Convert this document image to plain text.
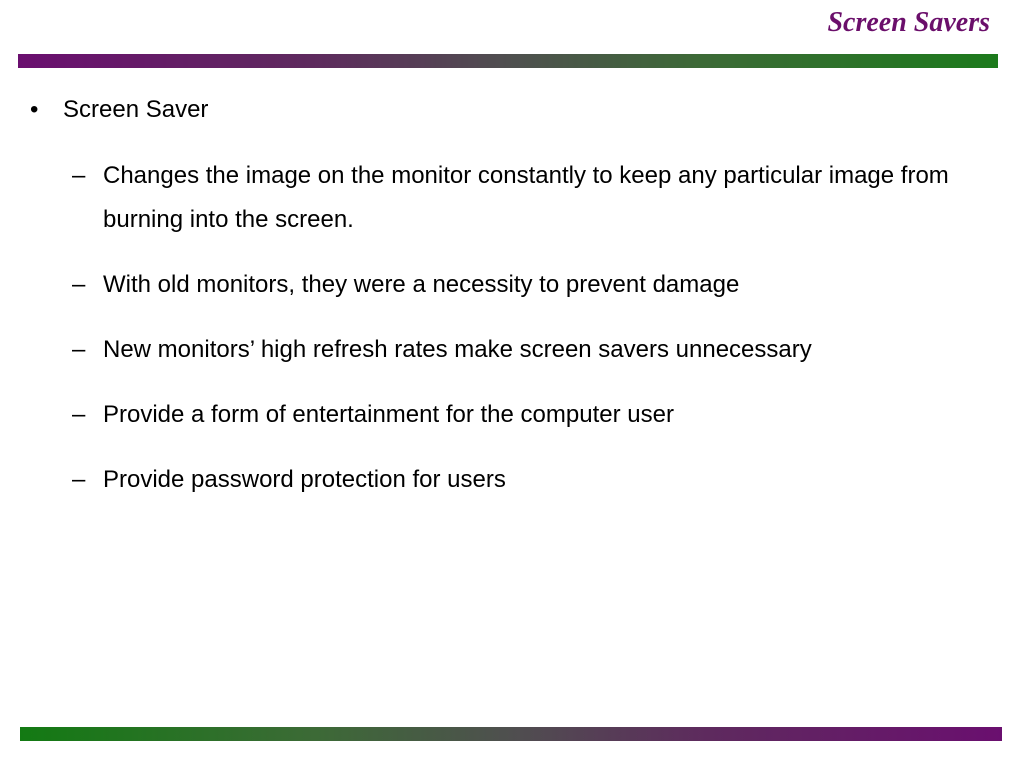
Screen Savers
•	Screen Saver
– Changes the image on the monitor constantly to keep any particular image from burning into the screen.
– With old monitors, they were a necessity to prevent damage
– New monitors’ high refresh rates make screen savers unnecessary
– Provide a form of entertainment for the computer user
– Provide password protection for users
